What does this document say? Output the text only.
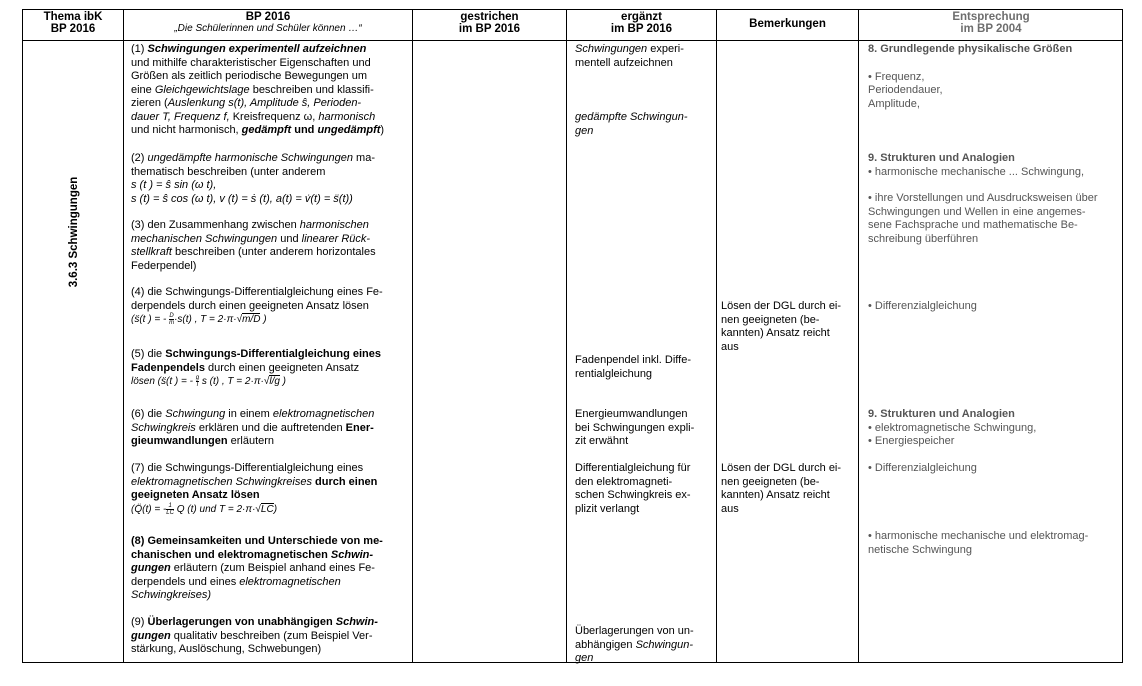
Thema ibK
BP 2016
BP 2016
„Die Schülerinnen und Schüler können …“
gestrichen
im BP 2016
ergänzt
im BP 2016	Bemerkungen
Entsprechung
im BP 2004
3.6.3 Schwingungen
(1) Schwingungen experimentell aufzeichnen
und mithilfe charakteristischer Eigenschaften und
Größen als zeitlich periodische Bewegungen um
eine Gleichgewichtslage beschreiben und klassifi-
zieren (Auslenkung s(t), Amplitude ŝ, Perioden-
dauer T, Frequenz f, Kreisfrequenz ω, harmonisch
und nicht harmonisch, gedämpft und ungedämpft)
(2) ungedämpfte harmonische Schwingungen ma-
thematisch beschreiben (unter anderem
s (t ) = ŝ sin (ω t),
s (t) = ŝ cos (ω t), v (t) = ṡ (t), a(t) = v̇(t) = s̈(t))
(3) den Zusammenhang zwischen harmonischen
mechanischen Schwingungen und linearer Rück-
stellkraft beschreiben (unter anderem horizontales
Federpendel)
(4) die Schwingungs-Differentialgleichung eines Fe-
derpendels durch einen geeigneten Ansatz lösen
(s̈(t ) = - $\frac{D}{m} \cdot s(t)$ , T = 2·π·√m/D )
(5) die Schwingungs-Differentialgleichung eines
Fadenpendels durch einen geeigneten Ansatz
lösen (s̈(t ) = - $\frac{g}{l}$ s (t) , T = 2·π·√l/g )
(6) die Schwingung in einem elektromagnetischen
Schwingkreis erklären und die auftretenden Ener-
gieumwandlungen erläutern
(7) die Schwingungs-Differentialgleichung eines
elektromagnetischen Schwingkreises durch einen
geeigneten Ansatz lösen
(Q̈(t) = - $\frac{1}{LC}$ Q (t) und T = 2·π·√LC)
(8) Gemeinsamkeiten und Unterschiede von me-
chanischen und elektromagnetischen Schwin-
gungen erläutern (zum Beispiel anhand eines Fe-
derpendels und eines elektromagnetischen
Schwingkreises)
(9) Überlagerungen von unabhängigen Schwin-
gungen qualitativ beschreiben (zum Beispiel Ver-
stärkung, Auslöschung, Schwebungen)
Schwingungen experi-
mentell aufzeichnen
gedämpfte Schwingun-
gen
Fadenpendel inkl. Diffe-
rentialgleichung
Energieumwandlungen
bei Schwingungen expli-
zit erwähnt
Differentialgleichung für
den elektromagneti-
schen Schwingkreis ex-
plizit verlangt
Überlagerungen von un-
abhängigen Schwingun-
gen
Lösen der DGL durch ei-
nen geeigneten (be-
kannten) Ansatz reicht
aus
Lösen der DGL durch ei-
nen geeigneten (be-
kannten) Ansatz reicht
aus
8. Grundlegende physikalische Größen
• Frequenz,
Periodendauer,
Amplitude,
9. Strukturen und Analogien
• harmonische mechanische ... Schwingung,
• ihre Vorstellungen und Ausdrucksweisen über
Schwingungen und Wellen in eine angemes-
sene Fachsprache und mathematische Be-
schreibung überführen
• Differenzialgleichung
9. Strukturen und Analogien
• elektromagnetische Schwingung,
• Energiespeicher
• Differenzialgleichung
• harmonische mechanische und elektromag-
netische Schwingung
